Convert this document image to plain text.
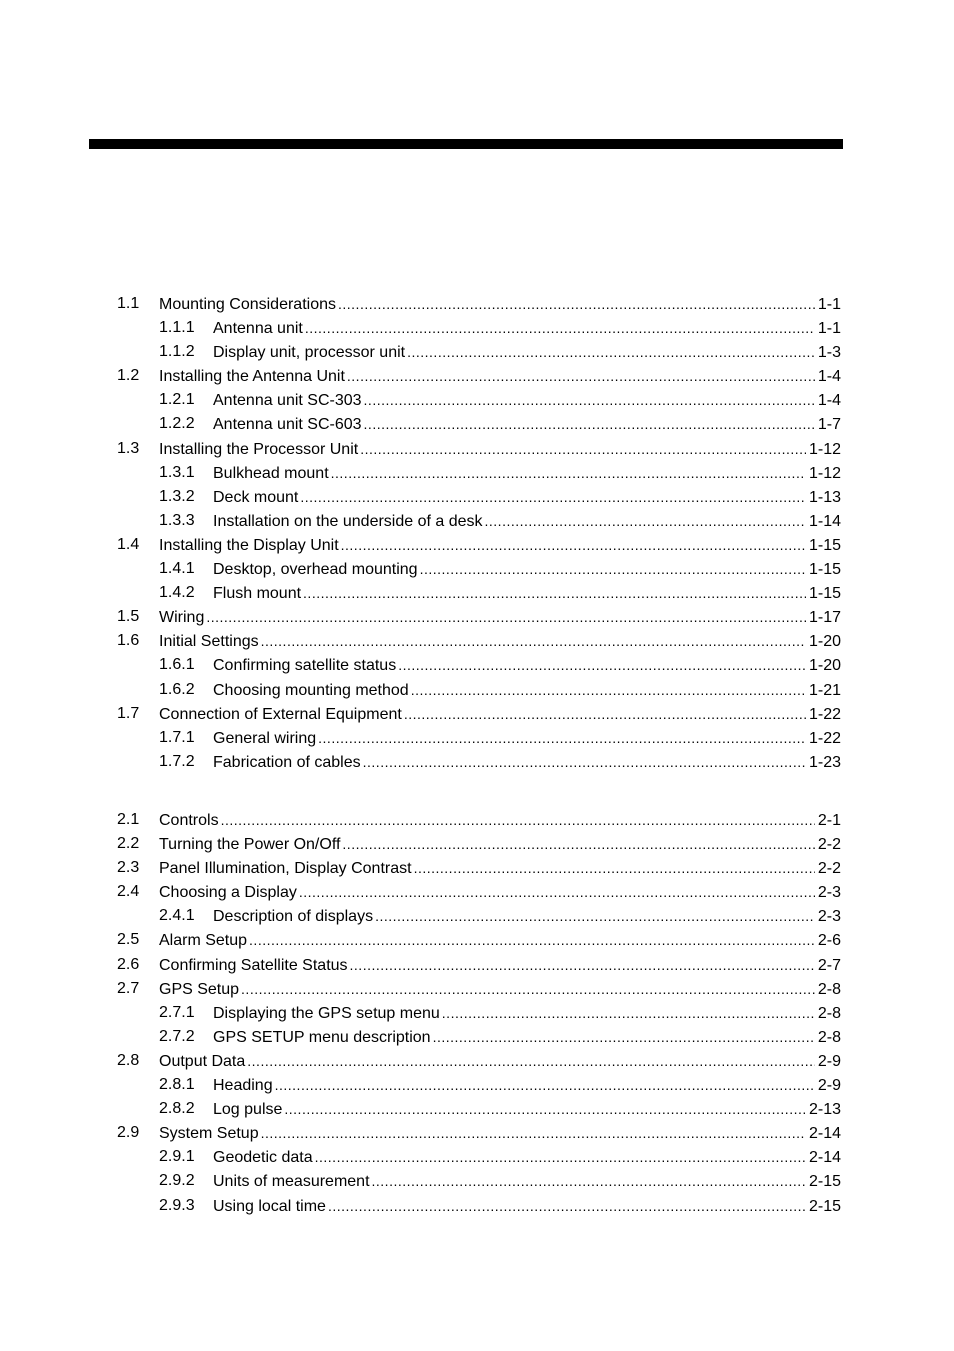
1.1 Mounting Considerations .....	1-1
1.1.1 Antenna unit .....	1-1
1.1.2 Display unit, processor unit .....	1-3
1.2 Installing the Antenna Unit .....	1-4
1.2.1 Antenna unit SC-303 .....	1-4
1.2.2 Antenna unit SC-603 .....	1-7
1.3 Installing the Processor Unit .....	1-12
1.3.1 Bulkhead mount .....	1-12
1.3.2 Deck mount .....	1-13
1.3.3 Installation on the underside of a desk .....	1-14
1.4 Installing the Display Unit .....	1-15
1.4.1 Desktop, overhead mounting .....	1-15
1.4.2 Flush mount .....	1-15
1.5 Wiring .....	1-17
1.6 Initial Settings .....	1-20
1.6.1 Confirming satellite status .....	1-20
1.6.2 Choosing mounting method .....	1-21
1.7 Connection of External Equipment .....	1-22
1.7.1 General wiring .....	1-22
1.7.2 Fabrication of cables .....	1-23
2.1 Controls .....	2-1
2.2 Turning the Power On/Off .....	2-2
2.3 Panel Illumination, Display Contrast .....	2-2
2.4 Choosing a Display .....	2-3
2.4.1 Description of displays .....	2-3
2.5 Alarm Setup .....	2-6
2.6 Confirming Satellite Status .....	2-7
2.7 GPS Setup .....	2-8
2.7.1 Displaying the GPS setup menu .....	2-8
2.7.2 GPS SETUP menu description .....	2-8
2.8 Output Data .....	2-9
2.8.1 Heading .....	2-9
2.8.2 Log pulse .....	2-13
2.9 System Setup .....	2-14
2.9.1 Geodetic data .....	2-14
2.9.2 Units of measurement .....	2-15
2.9.3 Using local time .....	2-15
